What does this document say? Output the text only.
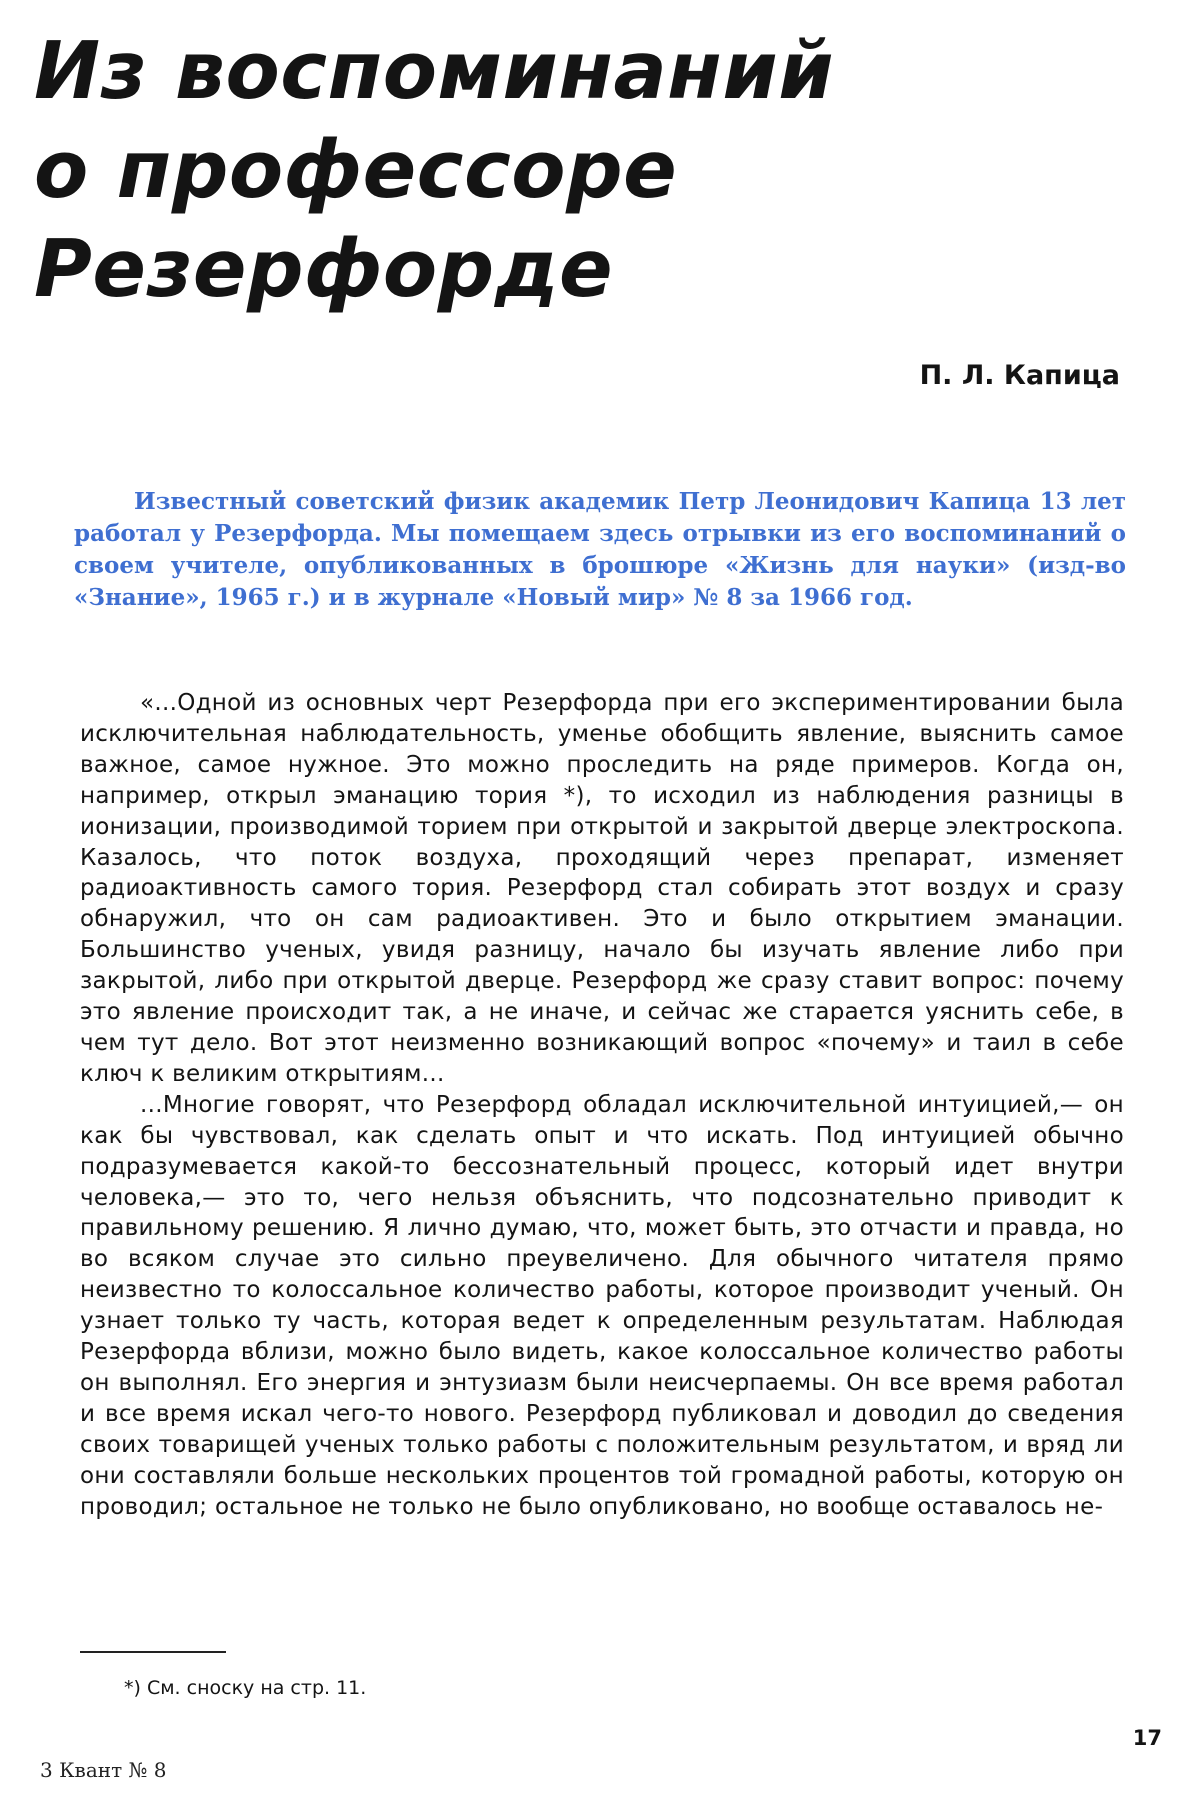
Из воспоминаний
о профессоре
Резерфорде

П. Л. Капица

Известный советский физик академик Петр Леонидович Капица 13 лет работал у Резерфорда. Мы помещаем здесь отрывки из его воспоминаний о своем учителе, опубликованных в брошюре «Жизнь для науки» (изд-во «Знание», 1965 г.) и в журнале «Новый мир» № 8 за 1966 год.

«...Одной из основных черт Резерфорда при его экспериментировании была исключительная наблюдательность, уменье обобщить явление, выяснить самое важное, самое нужное. Это можно проследить на ряде примеров. Когда он, например, открыл эманацию тория *), то исходил из наблюдения разницы в ионизации, производимой торием при открытой и закрытой дверце электроскопа. Казалось, что поток воздуха, проходящий через препарат, изменяет радиоактивность самого тория. Резерфорд стал собирать этот воздух и сразу обнаружил, что он сам радиоактивен. Это и было открытием эманации. Большинство ученых, увидя разницу, начало бы изучать явление либо при закрытой, либо при открытой дверце. Резерфорд же сразу ставит вопрос: почему это явление происходит так, а не иначе, и сейчас же старается уяснить себе, в чем тут дело. Вот этот неизменно возникающий вопрос «почему» и таил в себе ключ к великим открытиям...

...Многие говорят, что Резерфорд обладал исключительной интуицией,— он как бы чувствовал, как сделать опыт и что искать. Под интуицией обычно подразумевается какой-то бессознательный процесс, который идет внутри человека,— это то, чего нельзя объяснить, что подсознательно приводит к правильному решению. Я лично думаю, что, может быть, это отчасти и правда, но во всяком случае это сильно преувеличено. Для обычного читателя прямо неизвестно то колоссальное количество работы, которое производит ученый. Он узнает только ту часть, которая ведет к определенным результатам. Наблюдая Резерфорда вблизи, можно было видеть, какое колоссальное количество работы он выполнял. Его энергия и энтузиазм были неисчерпаемы. Он все время работал и все время искал чего-то нового. Резерфорд публиковал и доводил до сведения своих товарищей ученых только работы с положительным результатом, и вряд ли они составляли больше нескольких процентов той громадной работы, которую он проводил; остальное не только не было опубликовано, но вообще оставалось не-

*) См. сноску на стр. 11.

3 Квант № 8

17
